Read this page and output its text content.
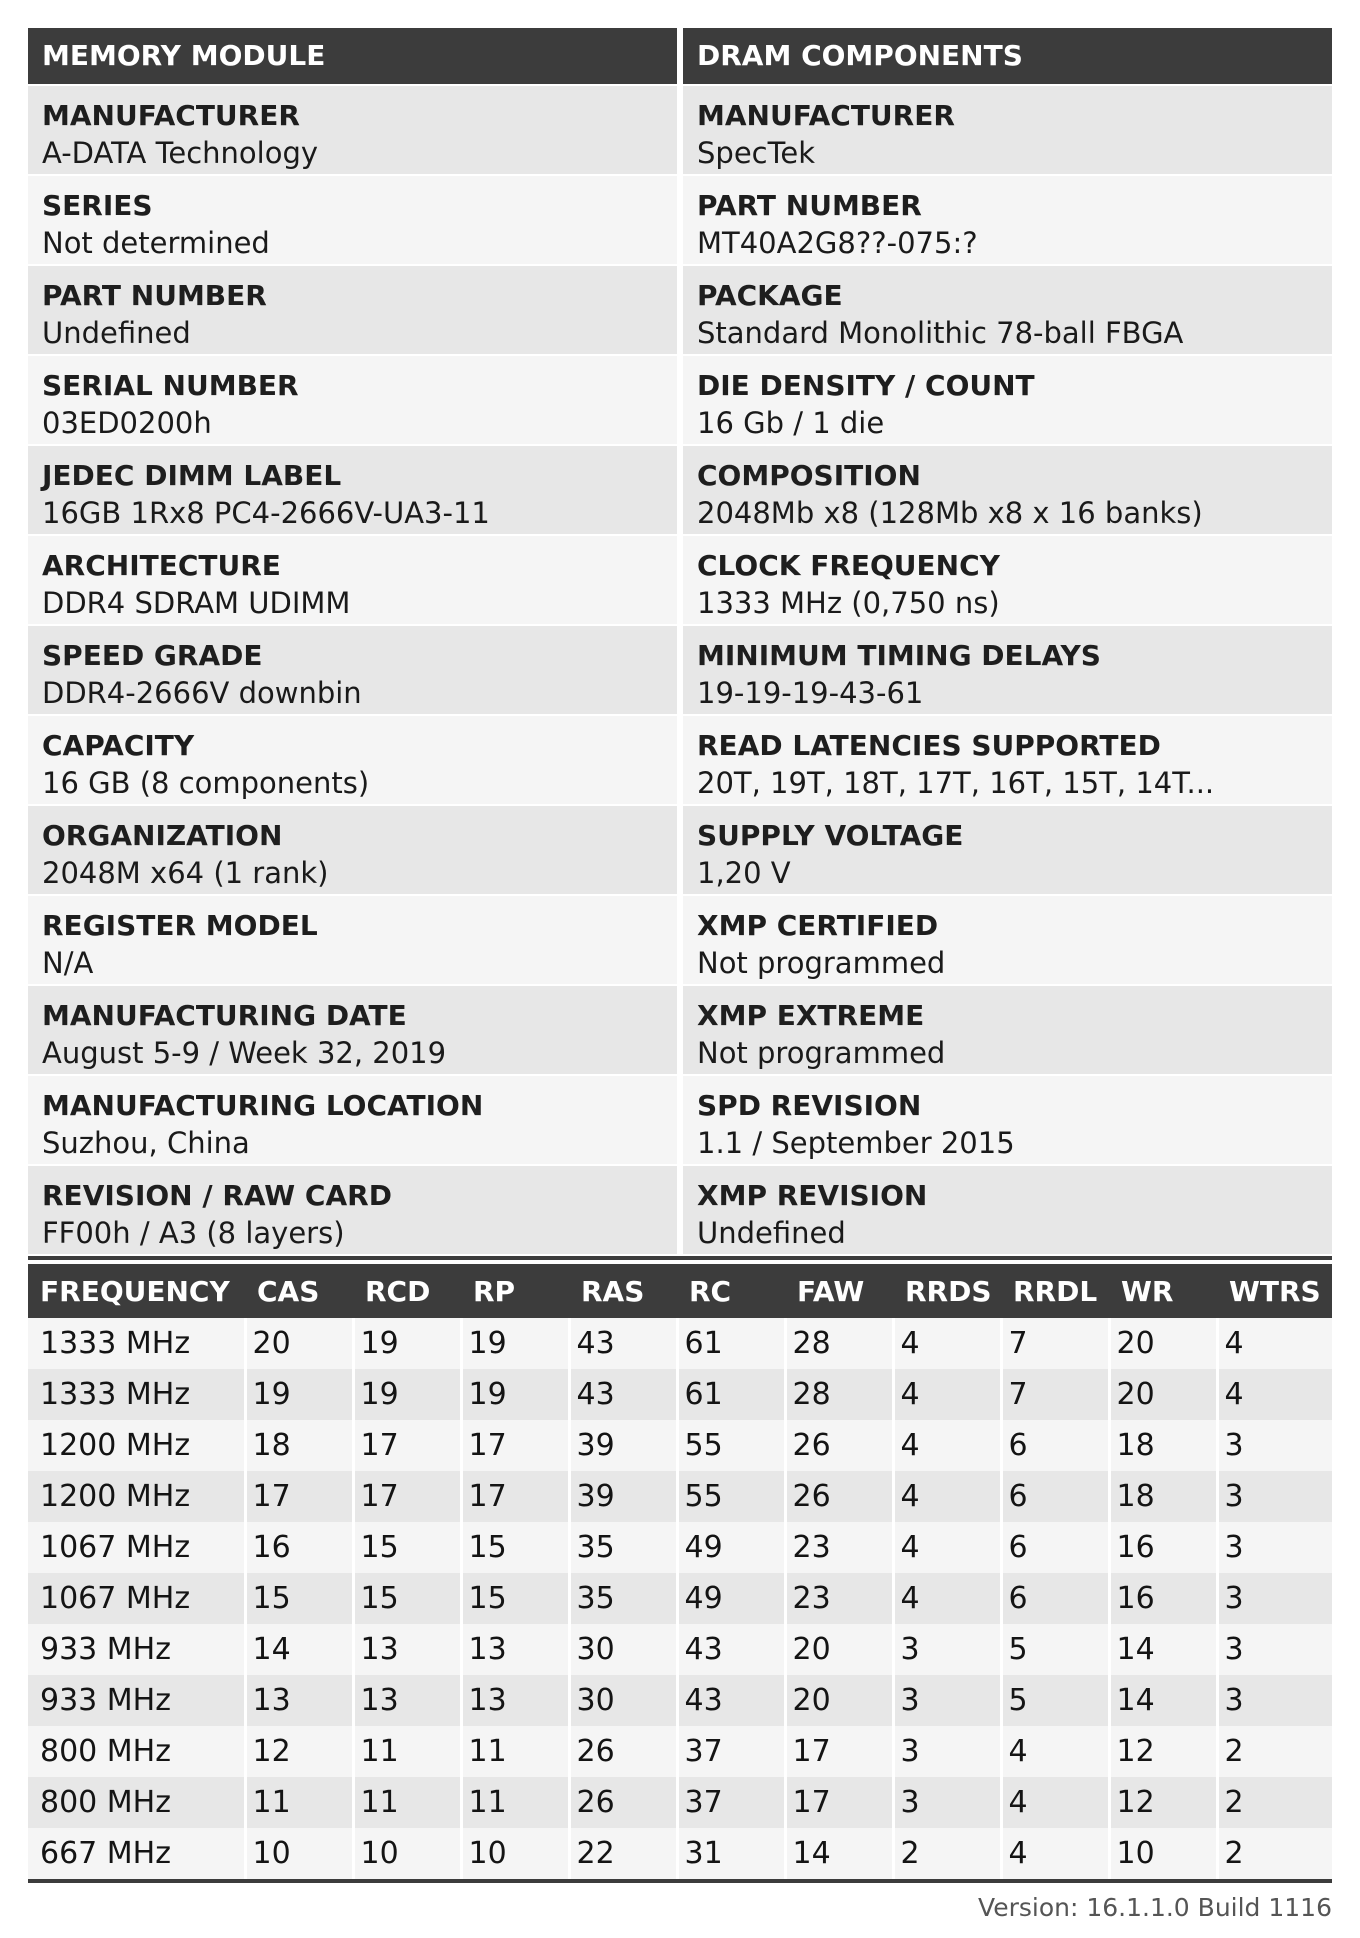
MEMORY MODULE
MANUFACTURER
A-DATA Technology
SERIES
Not determined
PART NUMBER
Undefined
SERIAL NUMBER
03ED0200h
JEDEC DIMM LABEL
16GB 1Rx8 PC4-2666V-UA3-11
ARCHITECTURE
DDR4 SDRAM UDIMM
SPEED GRADE
DDR4-2666V downbin
CAPACITY
16 GB (8 components)
ORGANIZATION
2048M x64 (1 rank)
REGISTER MODEL
N/A
MANUFACTURING DATE
August 5-9 / Week 32, 2019
MANUFACTURING LOCATION
Suzhou, China
REVISION / RAW CARD
FF00h / A3 (8 layers)
DRAM COMPONENTS
MANUFACTURER
SpecTek
PART NUMBER
MT40A2G8??-075:?
PACKAGE
Standard Monolithic 78-ball FBGA
DIE DENSITY / COUNT
16 Gb / 1 die
COMPOSITION
2048Mb x8 (128Mb x8 x 16 banks)
CLOCK FREQUENCY
1333 MHz (0,750 ns)
MINIMUM TIMING DELAYS
19-19-19-43-61
READ LATENCIES SUPPORTED
20T, 19T, 18T, 17T, 16T, 15T, 14T...
SUPPLY VOLTAGE
1,20 V
XMP CERTIFIED
Not programmed
XMP EXTREME
Not programmed
SPD REVISION
1.1 / September 2015
XMP REVISION
Undefined
FREQUENCY	CAS	RCD	RP	RAS	RC	FAW	RRDS	RRDL	WR	WTRS
1333 MHz	20	19	19	43	61	28	4	7	20	4
1333 MHz	19	19	19	43	61	28	4	7	20	4
1200 MHz	18	17	17	39	55	26	4	6	18	3
1200 MHz	17	17	17	39	55	26	4	6	18	3
1067 MHz	16	15	15	35	49	23	4	6	16	3
1067 MHz	15	15	15	35	49	23	4	6	16	3
933 MHz	14	13	13	30	43	20	3	5	14	3
933 MHz	13	13	13	30	43	20	3	5	14	3
800 MHz	12	11	11	26	37	17	3	4	12	2
800 MHz	11	11	11	26	37	17	3	4	12	2
667 MHz	10	10	10	22	31	14	2	4	10	2
Version: 16.1.1.0 Build 1116
